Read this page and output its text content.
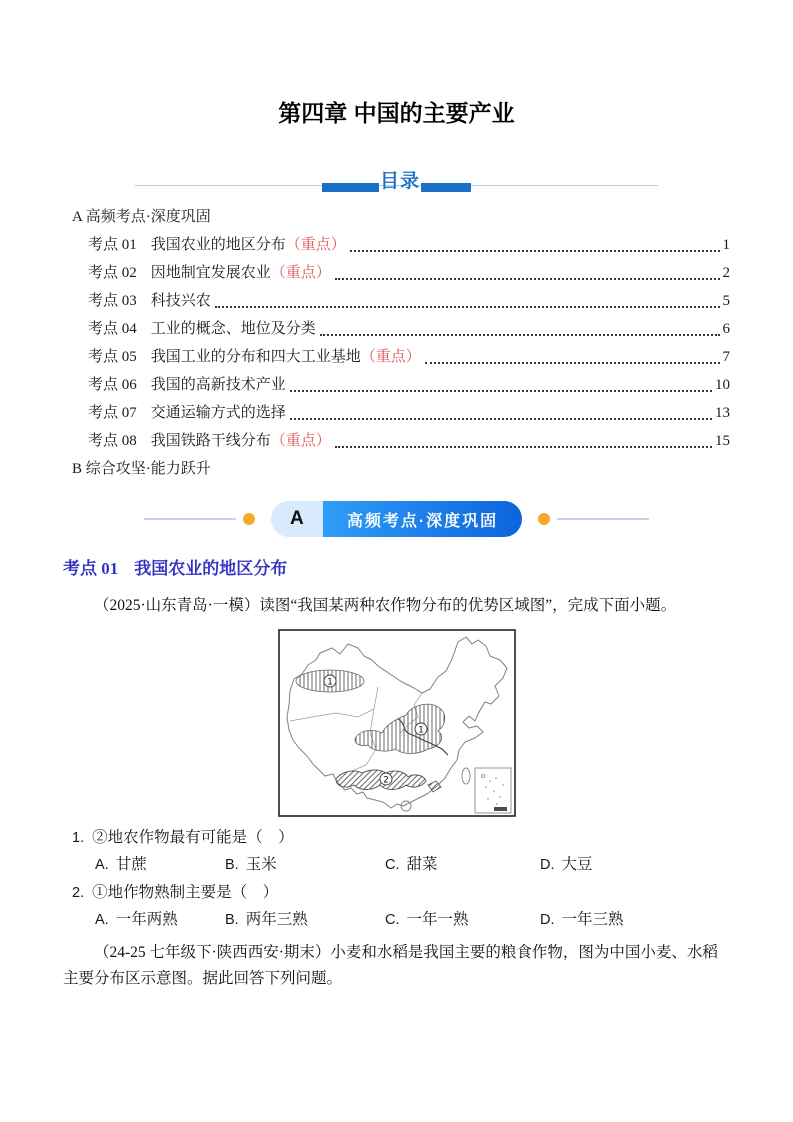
第四章 中国的主要产业
目录
A 高频考点·深度巩固
考点 01 我国农业的地区分布 （重点）	1
考点 02 因地制宜发展农业 （重点）	2
考点 03 科技兴农	5
考点 04 工业的概念、地位及分类	6
考点 05 我国工业的分布和四大工业基地 （重点）	7
考点 06 我国的高新技术产业	10
考点 07 交通运输方式的选择	13
考点 08 我国铁路干线分布 （重点）	15
B 综合攻坚·能力跃升
A	高频考点·深度巩固
考点 01 我国农业的地区分布

（2025·山东青岛·一模）读图“我国某两种农作物分布的优势区域图”，完成下面小题。

1
1
2
1. ②地农作物最有可能是（　）
A. 甘蔗	B. 玉米	C. 甜菜	D. 大豆
2. ①地作物熟制主要是（　）
A. 一年两熟	B. 两年三熟	C. 一年一熟	D. 一年三熟

（24-25 七年级下·陕西西安·期末）小麦和水稻是我国主要的粮食作物，图为中国小麦、水稻主要分布区示意图。据此回答下列问题。
